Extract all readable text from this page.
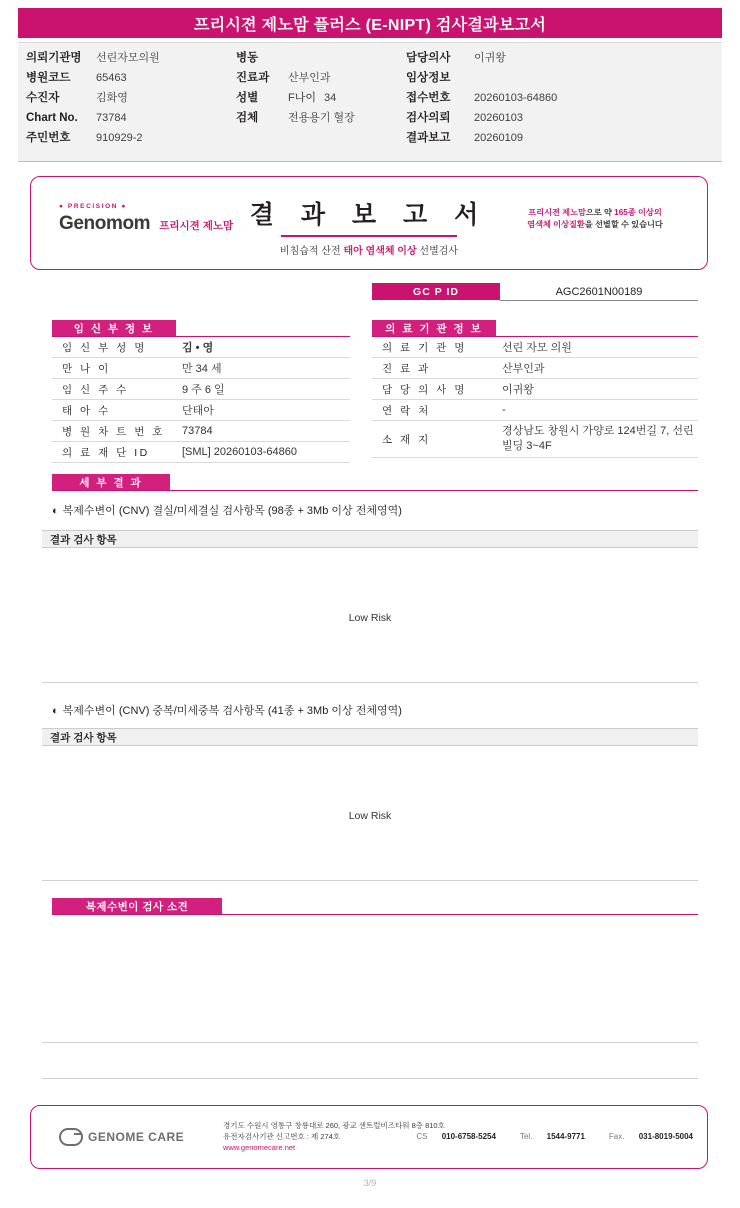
프리시젼 제노맘 플러스 (E-NIPT) 검사결과보고서
의뢰기관명	선린자모의원
병원코드	65463
수진자	김화영
Chart No.	73784
주민번호	910929-2
병동
진료과	산부인과
성별	F 나이 34
검체	전용용기 혈장
담당의사	이귀왕
임상정보
접수번호	20260103-64860
검사의뢰	20260103
결과보고	20260109
● PRECISION ●
Genomom 프리시젼 제노맘 결 과 보 고 서
비침습적 산전 태아 염색체 이상 선별검사
프리시젼 제노맘으로 약 165종 이상의
염색체 이상질환을 선별할 수 있습니다
GC P ID	AGC2601N00189
임 신 부 정 보
임 신 부 성 명	김 • 영
만 나 이	만 34 세
임 신 주 수	9 주 6 일
태 아 수	단태아
병 원 차 트 번 호	73784
의 료 재 단 ID	[SML] 20260103-64860
의 료 기 관 정 보
의 료 기 관 명	선린 자모 의원
진 료 과	산부인과
담 당 의 사 명	이귀왕
연 락 처	-
소 재 지
경상남도 창원시 가양로 124번길 7, 선린 빌딩 3~4F
세 부 결 과
◐ 복제수변이 (CNV) 결실/미세결실 검사항목 (98종 + 3Mb 이상 전체영역)
결과 검사 항목
Low Risk
◐ 복제수변이 (CNV) 중복/미세중복 검사항목 (41종 + 3Mb 이상 전체영역)
결과 검사 항목
Low Risk
복제수변이 검사 소견
GENOME CARE
경기도 수원시 영통구 창룡대로 260, 광교 센트럴비즈타워 8층 810호
유전자검사기관 신고번호 : 제 274호
www.genomecare.net
CS 010-6758-5254	Tel. 1544-9771	Fax. 031-8019-5004
3/9
